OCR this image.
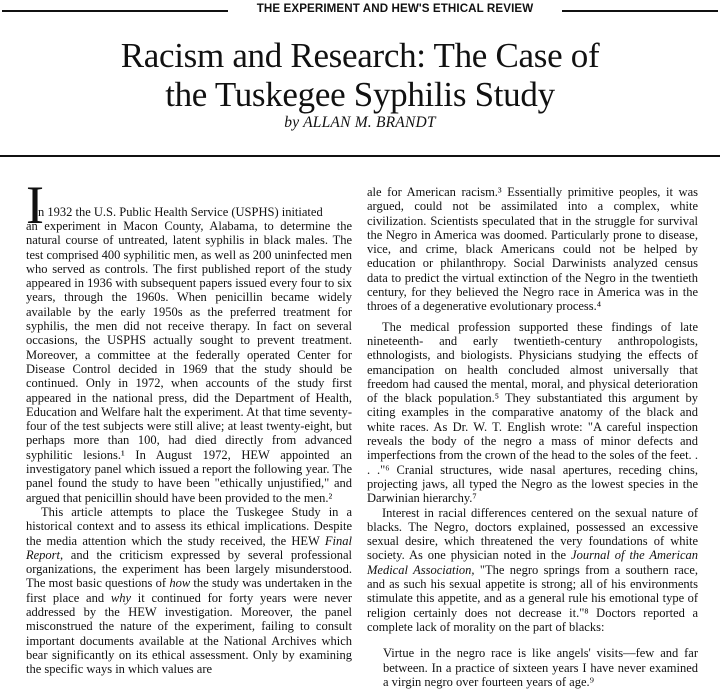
THE EXPERIMENT AND HEW'S ETHICAL REVIEW
Racism and Research: The Case of
the Tuskegee Syphilis Study
by ALLAN M. BRANDT
I
n 1932 the U.S. Public Health Service (USPHS) initiated

an experiment in Macon County, Alabama, to determine the natural course of untreated, latent syphilis in black males. The test comprised 400 syphilitic men, as well as 200 uninfected men who served as controls. The first published report of the study appeared in 1936 with subsequent papers issued every four to six years, through the 1960s. When penicillin became widely available by the early 1950s as the preferred treatment for syphilis, the men did not receive therapy. In fact on several occasions, the USPHS actually sought to prevent treatment. Moreover, a committee at the federally operated Center for Disease Control decided in 1969 that the study should be continued. Only in 1972, when accounts of the study first appeared in the national press, did the Department of Health, Education and Welfare halt the experiment. At that time seventy-four of the test subjects were still alive; at least twenty-eight, but perhaps more than 100, had died directly from advanced syphilitic lesions.¹ In August 1972, HEW appointed an investigatory panel which issued a report the following year. The panel found the study to have been "ethically unjustified," and argued that penicillin should have been provided to the men.²

This article attempts to place the Tuskegee Study in a historical context and to assess its ethical implications. Despite the media attention which the study received, the HEW Final Report, and the criticism expressed by several professional organizations, the experiment has been largely misunderstood. The most basic questions of how the study was undertaken in the first place and why it continued for forty years were never addressed by the HEW investigation. Moreover, the panel misconstrued the nature of the experiment, failing to consult important documents available at the National Archives which bear significantly on its ethical assessment. Only by examining the specific ways in which values are

ale for American racism.³ Essentially primitive peoples, it was argued, could not be assimilated into a complex, white civilization. Scientists speculated that in the struggle for survival the Negro in America was doomed. Particularly prone to disease, vice, and crime, black Americans could not be helped by education or philanthropy. Social Darwinists analyzed census data to predict the virtual extinction of the Negro in the twentieth century, for they believed the Negro race in America was in the throes of a degenerative evolutionary process.⁴

The medical profession supported these findings of late nineteenth- and early twentieth-century anthropologists, ethnologists, and biologists. Physicians studying the effects of emancipation on health concluded almost universally that freedom had caused the mental, moral, and physical deterioration of the black population.⁵ They substantiated this argument by citing examples in the comparative anatomy of the black and white races. As Dr. W. T. English wrote: "A careful inspection reveals the body of the negro a mass of minor defects and imperfections from the crown of the head to the soles of the feet. . . ."⁶ Cranial structures, wide nasal apertures, receding chins, projecting jaws, all typed the Negro as the lowest species in the Darwinian hierarchy.⁷

Interest in racial differences centered on the sexual nature of blacks. The Negro, doctors explained, possessed an excessive sexual desire, which threatened the very foundations of white society. As one physician noted in the Journal of the American Medical Association, "The negro springs from a southern race, and as such his sexual appetite is strong; all of his environments stimulate this appetite, and as a general rule his emotional type of religion certainly does not decrease it."⁸ Doctors reported a complete lack of morality on the part of blacks:

Virtue in the negro race is like angels' visits—few and far between. In a practice of sixteen years I have never examined a virgin negro over fourteen years of age.⁹
